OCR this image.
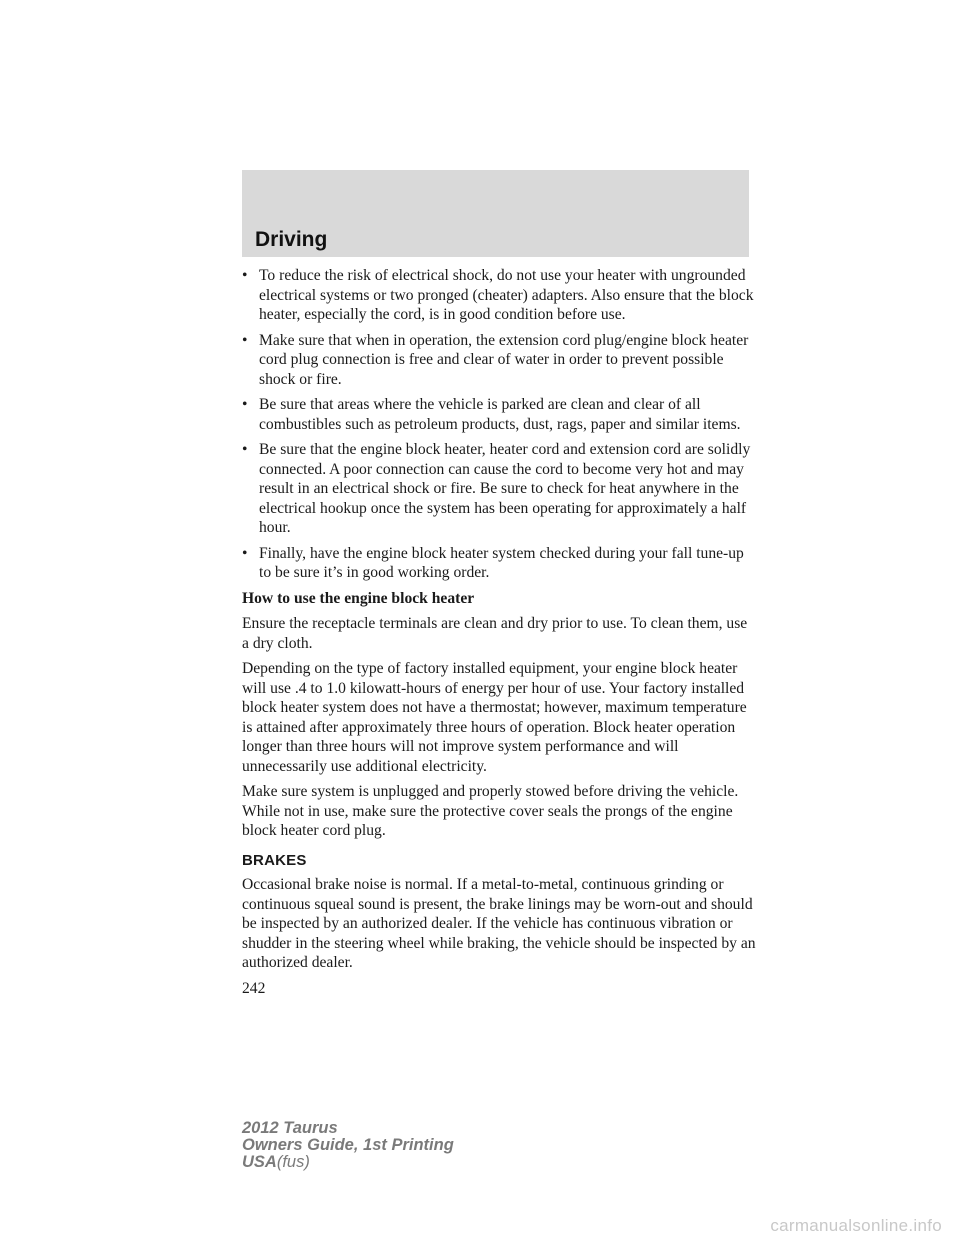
Driving
• To reduce the risk of electrical shock, do not use your heater with ungrounded electrical systems or two pronged (cheater) adapters. Also ensure that the block heater, especially the cord, is in good condition before use.
• Make sure that when in operation, the extension cord plug/engine block heater cord plug connection is free and clear of water in order to prevent possible shock or fire.
• Be sure that areas where the vehicle is parked are clean and clear of all combustibles such as petroleum products, dust, rags, paper and similar items.
• Be sure that the engine block heater, heater cord and extension cord are solidly connected. A poor connection can cause the cord to become very hot and may result in an electrical shock or fire. Be sure to check for heat anywhere in the electrical hookup once the system has been operating for approximately a half hour.
• Finally, have the engine block heater system checked during your fall tune-up to be sure it’s in good working order.

How to use the engine block heater

Ensure the receptacle terminals are clean and dry prior to use. To clean them, use a dry cloth.

Depending on the type of factory installed equipment, your engine block heater will use .4 to 1.0 kilowatt-hours of energy per hour of use. Your factory installed block heater system does not have a thermostat; however, maximum temperature is attained after approximately three hours of operation. Block heater operation longer than three hours will not improve system performance and will unnecessarily use additional electricity.

Make sure system is unplugged and properly stowed before driving the vehicle. While not in use, make sure the protective cover seals the prongs of the engine block heater cord plug.

BRAKES

Occasional brake noise is normal. If a metal-to-metal, continuous grinding or continuous squeal sound is present, the brake linings may be worn-out and should be inspected by an authorized dealer. If the vehicle has continuous vibration or shudder in the steering wheel while braking, the vehicle should be inspected by an authorized dealer.

242
2012 Taurus
Owners Guide, 1st Printing
USA(fus)
carmanualsonline.info
